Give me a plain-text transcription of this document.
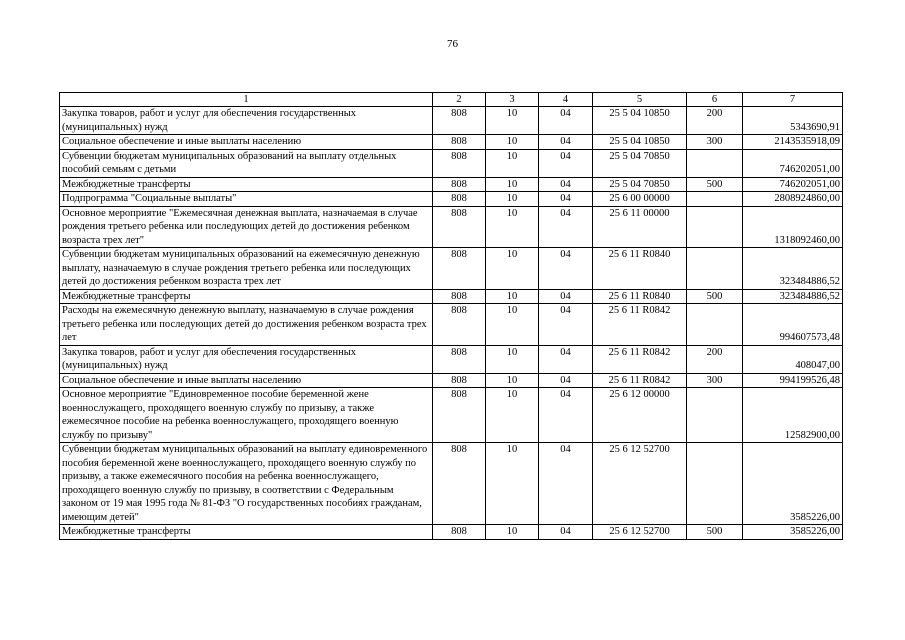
76
1	2	3	4	5	6	7
Закупка товаров, работ и услуг для обеспечения государственных (муниципальных) нужд	808	10	04	25 5 04 10850	200	5343690,91
Социальное обеспечение и иные выплаты населению	808	10	04	25 5 04 10850	300	2143535918,09
Субвенции бюджетам муниципальных образований на выплату отдельных пособий семьям с детьми	808	10	04	25 5 04 70850		746202051,00
Межбюджетные трансферты	808	10	04	25 5 04 70850	500	746202051,00
Подпрограмма "Социальные выплаты"	808	10	04	25 6 00 00000		2808924860,00
Основное мероприятие "Ежемесячная денежная выплата, назначаемая в случае рождения третьего ребенка или последующих детей до достижения ребенком возраста трех лет"	808	10	04	25 6 11 00000		1318092460,00
Субвенции бюджетам муниципальных образований на ежемесячную денежную выплату, назначаемую в случае рождения третьего ребенка или последующих детей до достижения ребенком возраста трех лет	808	10	04	25 6 11 R0840		323484886,52
Межбюджетные трансферты	808	10	04	25 6 11 R0840	500	323484886,52
Расходы на ежемесячную денежную выплату, назначаемую в случае рождения третьего ребенка или последующих детей до достижения ребенком возраста трех лет	808	10	04	25 6 11 R0842		994607573,48
Закупка товаров, работ и услуг для обеспечения государственных (муниципальных) нужд	808	10	04	25 6 11 R0842	200	408047,00
Социальное обеспечение и иные выплаты населению	808	10	04	25 6 11 R0842	300	994199526,48
Основное мероприятие "Единовременное пособие беременной жене военнослужащего, проходящего военную службу по призыву, а также ежемесячное пособие на ребенка военнослужащего, проходящего военную службу по призыву"	808	10	04	25 6 12 00000		12582900,00
Субвенции бюджетам муниципальных образований на выплату единовременного пособия беременной жене военнослужащего, проходящего военную службу по призыву, а также ежемесячного пособия на ребенка военнослужащего, проходящего военную службу по призыву, в соответствии с Федеральным законом от 19 мая 1995 года № 81-ФЗ "О государственных пособиях гражданам, имеющим детей"	808	10	04	25 6 12 52700		3585226,00
Межбюджетные трансферты	808	10	04	25 6 12 52700	500	3585226,00
